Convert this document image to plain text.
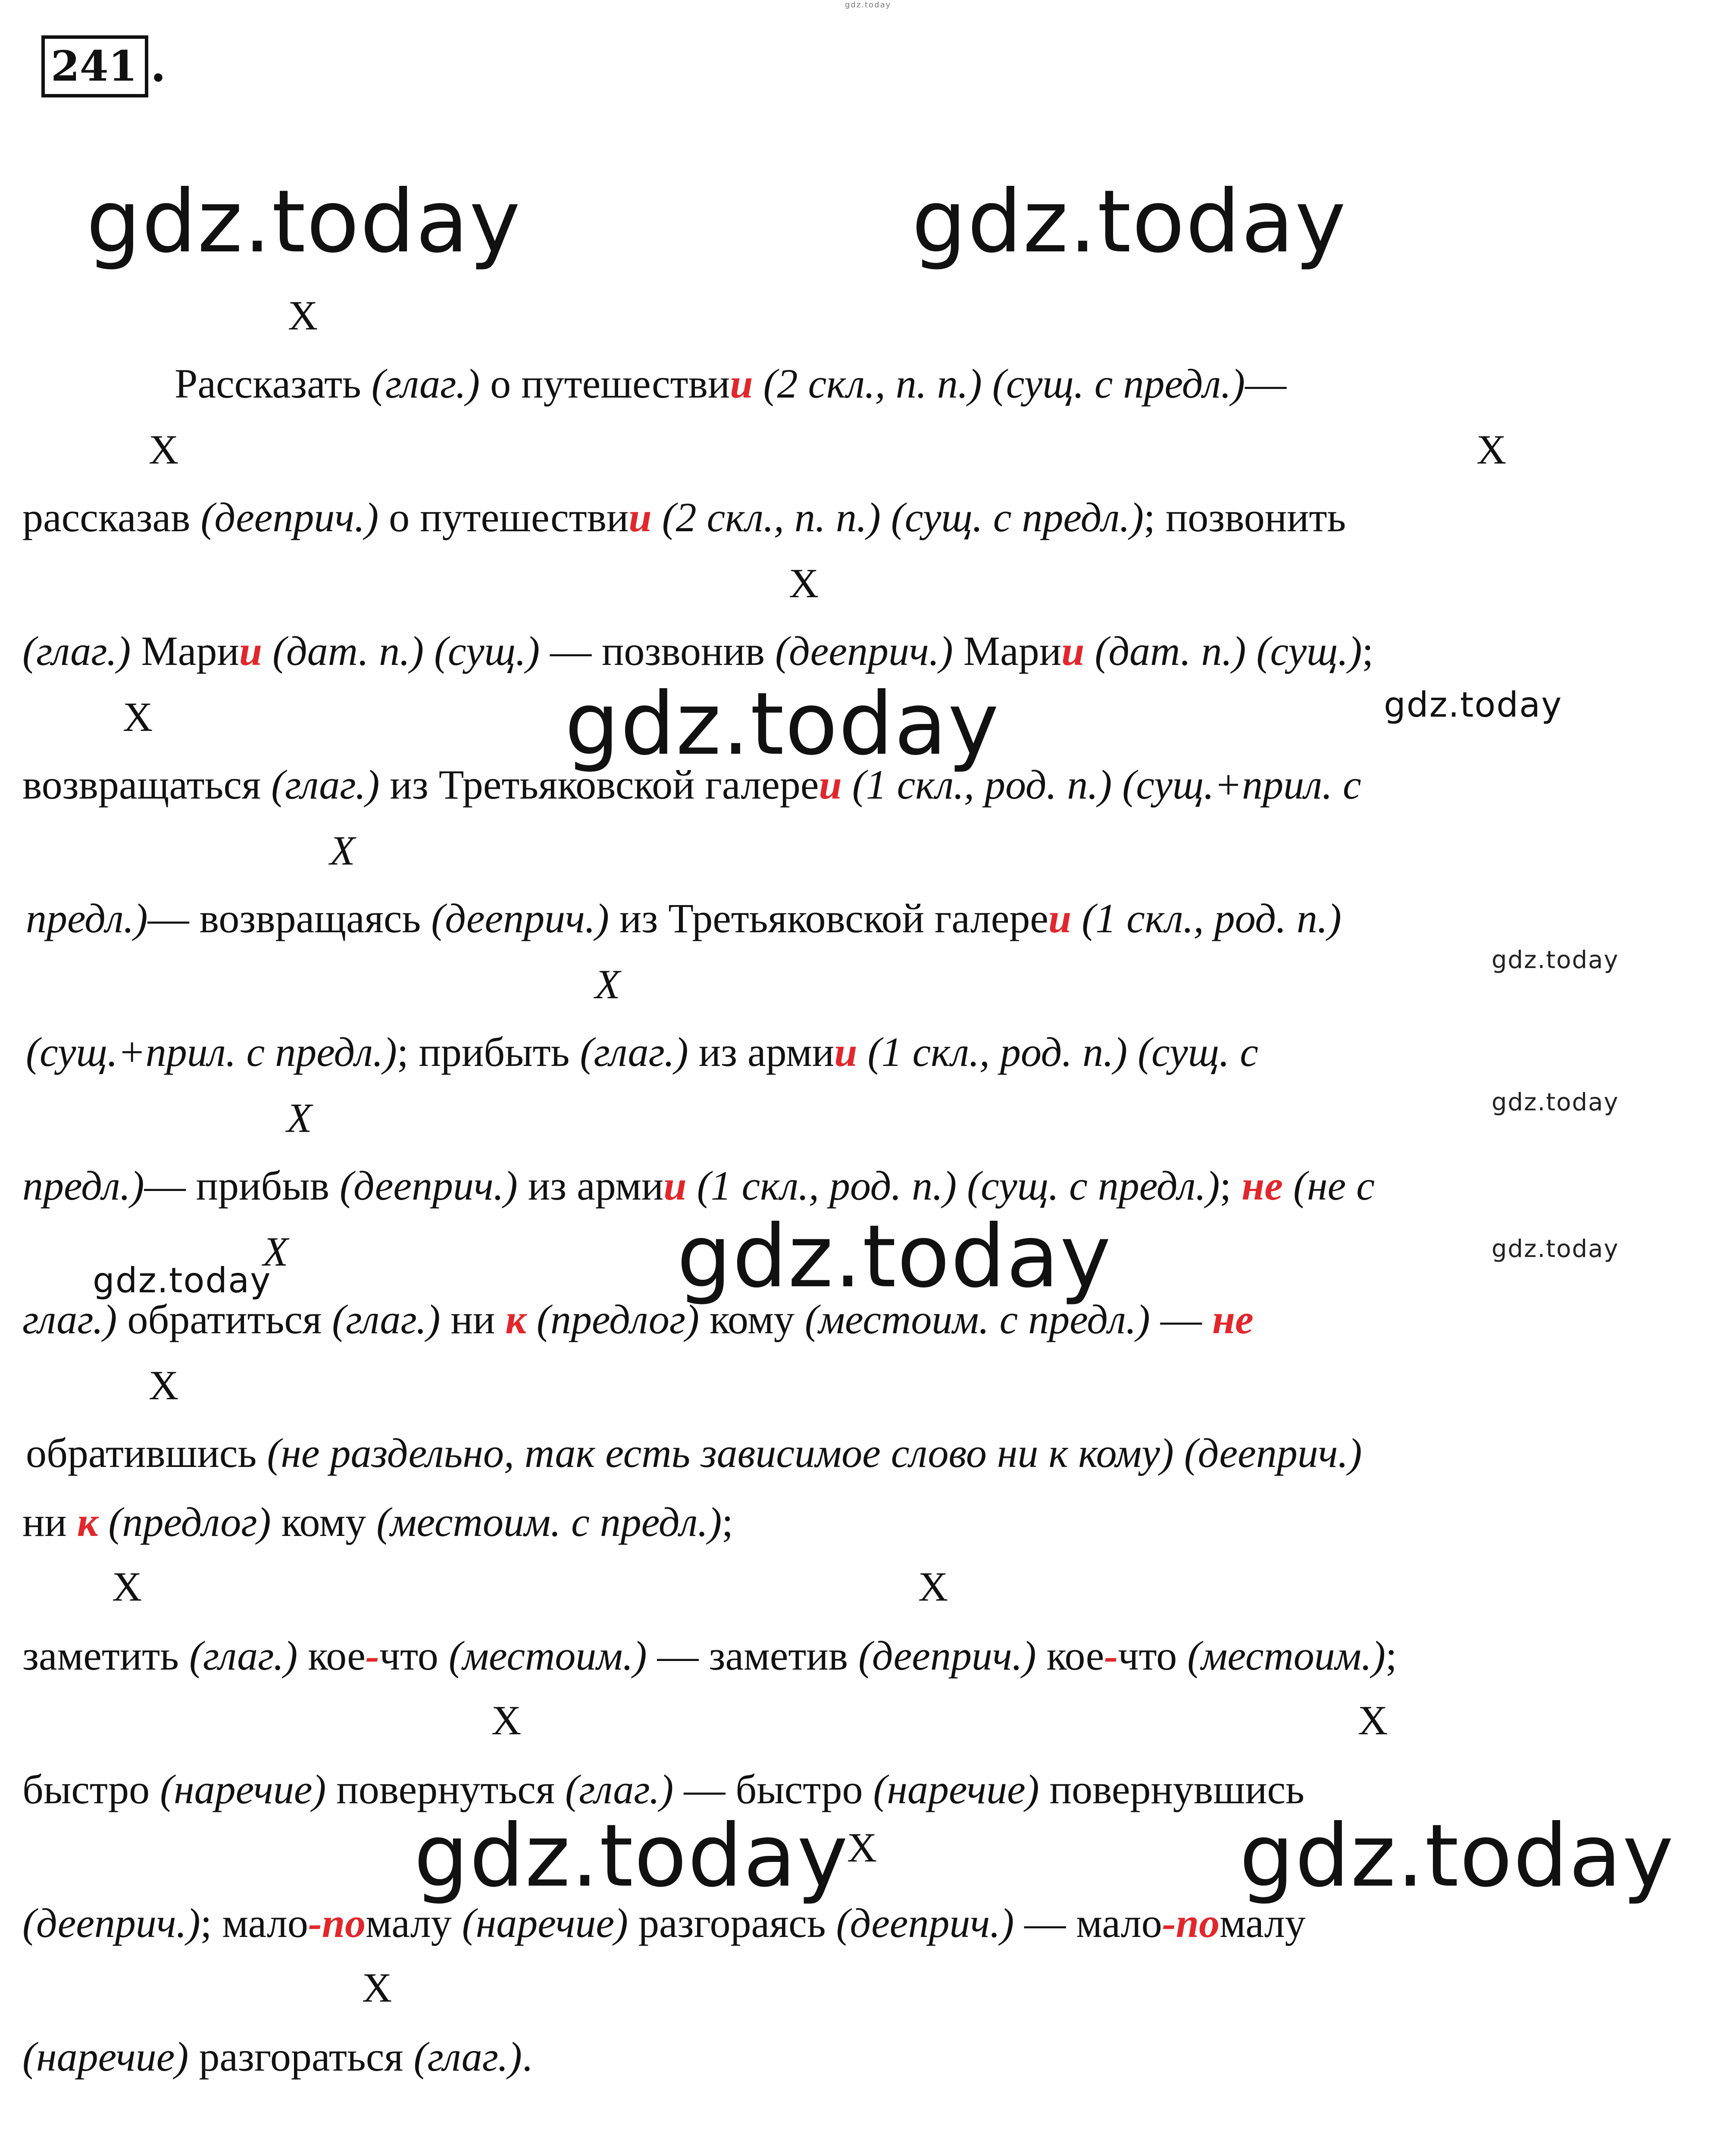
gdz.today
241 .
gdz.today	gdz.today
gdz.today
gdz.today
gdz.today	gdz.today
gdz.today
gdz.today
gdz.today
gdz.today
gdz.today
X
X	X
X
X
X
X
X
X
X
X	X
X	X
X
X
Рассказать (глаг.) о путешествии (2 скл., п. п.) (сущ. с предл.)—
рассказав (дееприч.) о путешествии (2 скл., п. п.) (сущ. с предл.); позвонить
(глаг.) Марии (дат. п.) (сущ.) — позвонив (дееприч.) Марии (дат. п.) (сущ.);
возвращаться (глаг.) из Третьяковской галереи (1 скл., род. п.) (сущ.+прил. с
предл.)— возвращаясь (дееприч.) из Третьяковской галереи (1 скл., род. п.)
(сущ.+прил. с предл.); прибыть (глаг.) из армии (1 скл., род. п.) (сущ. с
предл.)— прибыв (дееприч.) из армии (1 скл., род. п.) (сущ. с предл.); не (не с
глаг.) обратиться (глаг.) ни к (предлог) кому (местоим. с предл.) — не
обратившись (не раздельно, так есть зависимое слово ни к кому) (дееприч.)
ни к (предлог) кому (местоим. с предл.);
заметить (глаг.) кое-что (местоим.) — заметив (дееприч.) кое-что (местоим.);
быстро (наречие) повернуться (глаг.) — быстро (наречие) повернувшись
(дееприч.); мало-помалу (наречие) разгораясь (дееприч.) — мало-помалу
(наречие) разгораться (глаг.).
